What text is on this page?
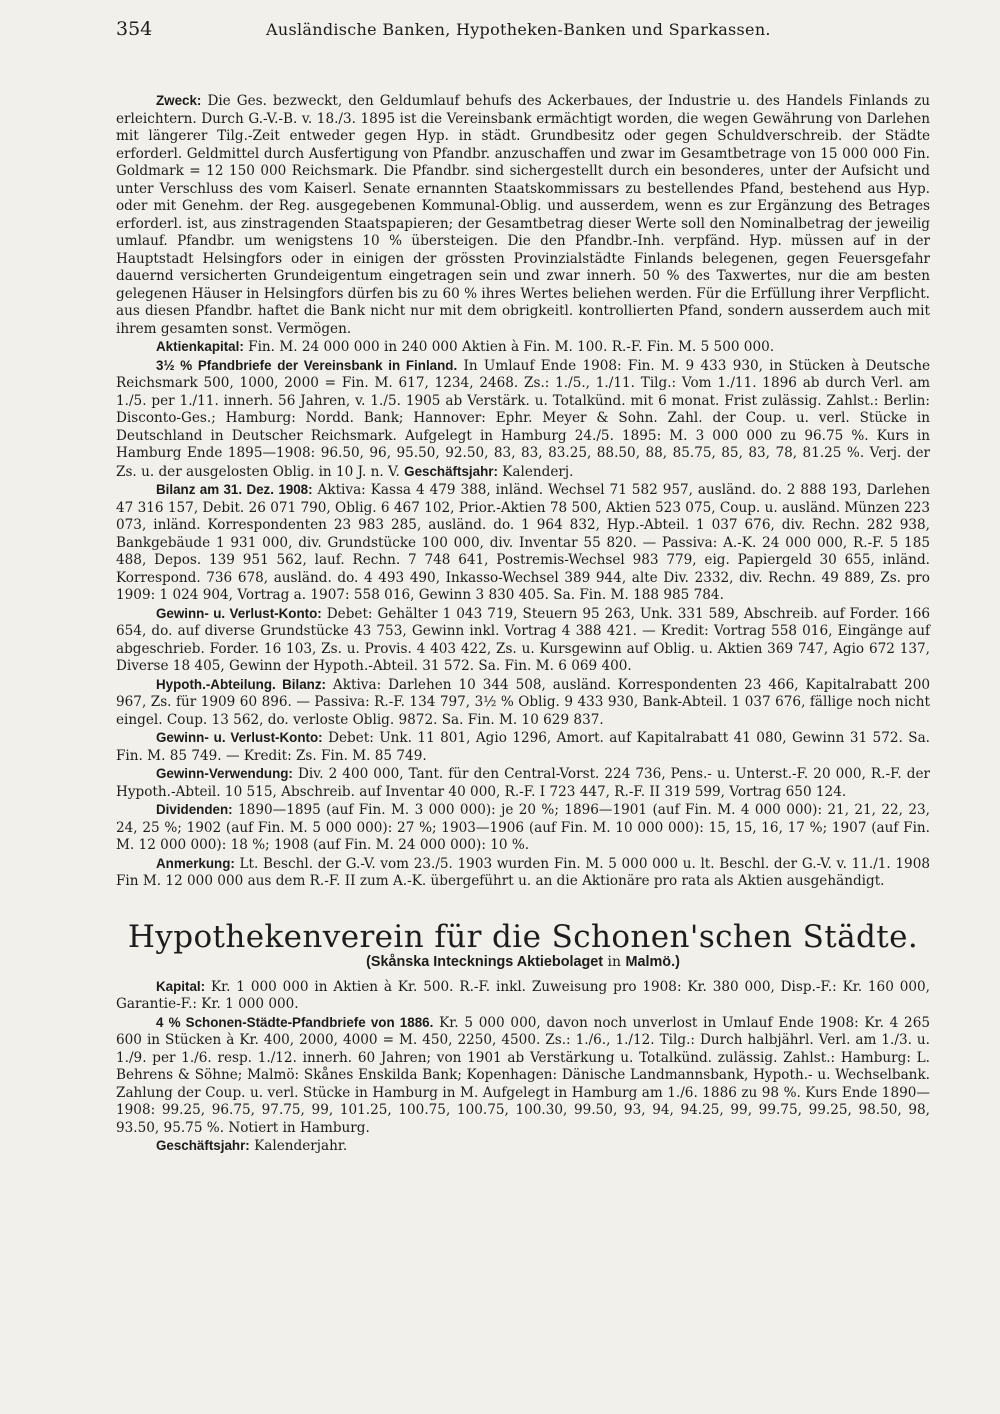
354	Ausländische Banken, Hypotheken-Banken und Sparkassen.

Zweck: Die Ges. bezweckt, den Geldumlauf behufs des Ackerbaues, der Industrie u. des Handels Finlands zu erleichtern. Durch G.-V.-B. v. 18./3. 1895 ist die Vereinsbank ermächtigt worden, die wegen Gewährung von Darlehen mit längerer Tilg.-Zeit entweder gegen Hyp. in städt. Grundbesitz oder gegen Schuldverschreib. der Städte erforderl. Geldmittel durch Ausfertigung von Pfandbr. anzuschaffen und zwar im Gesamtbetrage von 15 000 000 Fin. Goldmark = 12 150 000 Reichsmark. Die Pfandbr. sind sichergestellt durch ein besonderes, unter der Aufsicht und unter Verschluss des vom Kaiserl. Senate ernannten Staatskommissars zu bestellendes Pfand, bestehend aus Hyp. oder mit Genehm. der Reg. ausgegebenen Kommunal-Oblig. und ausserdem, wenn es zur Ergänzung des Betrages erforderl. ist, aus zinstragenden Staatspapieren; der Gesamtbetrag dieser Werte soll den Nominalbetrag der jeweilig umlauf. Pfandbr. um wenigstens 10 % übersteigen. Die den Pfandbr.-Inh. verpfänd. Hyp. müssen auf in der Hauptstadt Helsingfors oder in einigen der grössten Provinzialstädte Finlands belegenen, gegen Feuersgefahr dauernd versicherten Grundeigentum eingetragen sein und zwar innerh. 50 % des Taxwertes, nur die am besten gelegenen Häuser in Helsingfors dürfen bis zu 60 % ihres Wertes beliehen werden. Für die Erfüllung ihrer Verpflicht. aus diesen Pfandbr. haftet die Bank nicht nur mit dem obrigkeitl. kontrollierten Pfand, sondern ausserdem auch mit ihrem gesamten sonst. Vermögen.

Aktienkapital: Fin. M. 24 000 000 in 240 000 Aktien à Fin. M. 100. R.-F. Fin. M. 5 500 000.

3½ % Pfandbriefe der Vereinsbank in Finland. In Umlauf Ende 1908: Fin. M. 9 433 930, in Stücken à Deutsche Reichsmark 500, 1000, 2000 = Fin. M. 617, 1234, 2468. Zs.: 1./5., 1./11. Tilg.: Vom 1./11. 1896 ab durch Verl. am 1./5. per 1./11. innerh. 56 Jahren, v. 1./5. 1905 ab Verstärk. u. Totalkünd. mit 6 monat. Frist zulässig. Zahlst.: Berlin: Disconto-Ges.; Hamburg: Nordd. Bank; Hannover: Ephr. Meyer & Sohn. Zahl. der Coup. u. verl. Stücke in Deutschland in Deutscher Reichsmark. Aufgelegt in Hamburg 24./5. 1895: M. 3 000 000 zu 96.75 %. Kurs in Hamburg Ende 1895—1908: 96.50, 96, 95.50, 92.50, 83, 83, 83.25, 88.50, 88, 85.75, 85, 83, 78, 81.25 %. Verj. der Zs. u. der ausgelosten Oblig. in 10 J. n. V. Geschäftsjahr: Kalenderj.

Bilanz am 31. Dez. 1908: Aktiva: Kassa 4 479 388, inländ. Wechsel 71 582 957, ausländ. do. 2 888 193, Darlehen 47 316 157, Debit. 26 071 790, Oblig. 6 467 102, Prior.-Aktien 78 500, Aktien 523 075, Coup. u. ausländ. Münzen 223 073, inländ. Korrespondenten 23 983 285, ausländ. do. 1 964 832, Hyp.-Abteil. 1 037 676, div. Rechn. 282 938, Bankgebäude 1 931 000, div. Grundstücke 100 000, div. Inventar 55 820. — Passiva: A.-K. 24 000 000, R.-F. 5 185 488, Depos. 139 951 562, lauf. Rechn. 7 748 641, Postremis-Wechsel 983 779, eig. Papiergeld 30 655, inländ. Korrespond. 736 678, ausländ. do. 4 493 490, Inkasso-Wechsel 389 944, alte Div. 2332, div. Rechn. 49 889, Zs. pro 1909: 1 024 904, Vortrag a. 1907: 558 016, Gewinn 3 830 405. Sa. Fin. M. 188 985 784.

Gewinn- u. Verlust-Konto: Debet: Gehälter 1 043 719, Steuern 95 263, Unk. 331 589, Abschreib. auf Forder. 166 654, do. auf diverse Grundstücke 43 753, Gewinn inkl. Vortrag 4 388 421. — Kredit: Vortrag 558 016, Eingänge auf abgeschrieb. Forder. 16 103, Zs. u. Provis. 4 403 422, Zs. u. Kursgewinn auf Oblig. u. Aktien 369 747, Agio 672 137, Diverse 18 405, Gewinn der Hypoth.-Abteil. 31 572. Sa. Fin. M. 6 069 400.

Hypoth.-Abteilung. Bilanz: Aktiva: Darlehen 10 344 508, ausländ. Korrespondenten 23 466, Kapitalrabatt 200 967, Zs. für 1909 60 896. — Passiva: R.-F. 134 797, 3½ % Oblig. 9 433 930, Bank-Abteil. 1 037 676, fällige noch nicht eingel. Coup. 13 562, do. verloste Oblig. 9872. Sa. Fin. M. 10 629 837.

Gewinn- u. Verlust-Konto: Debet: Unk. 11 801, Agio 1296, Amort. auf Kapitalrabatt 41 080, Gewinn 31 572. Sa. Fin. M. 85 749. — Kredit: Zs. Fin. M. 85 749.

Gewinn-Verwendung: Div. 2 400 000, Tant. für den Central-Vorst. 224 736, Pens.- u. Unterst.-F. 20 000, R.-F. der Hypoth.-Abteil. 10 515, Abschreib. auf Inventar 40 000, R.-F. I 723 447, R.-F. II 319 599, Vortrag 650 124.

Dividenden: 1890—1895 (auf Fin. M. 3 000 000): je 20 %; 1896—1901 (auf Fin. M. 4 000 000): 21, 21, 22, 23, 24, 25 %; 1902 (auf Fin. M. 5 000 000): 27 %; 1903—1906 (auf Fin. M. 10 000 000): 15, 15, 16, 17 %; 1907 (auf Fin. M. 12 000 000): 18 %; 1908 (auf Fin. M. 24 000 000): 10 %.

Anmerkung: Lt. Beschl. der G.-V. vom 23./5. 1903 wurden Fin. M. 5 000 000 u. lt. Beschl. der G.-V. v. 11./1. 1908 Fin M. 12 000 000 aus dem R.-F. II zum A.-K. übergeführt u. an die Aktionäre pro rata als Aktien ausgehändigt.

Hypothekenverein für die Schonen'schen Städte.
(Skånska Intecknings Aktiebolaget in Malmö.)

Kapital: Kr. 1 000 000 in Aktien à Kr. 500. R.-F. inkl. Zuweisung pro 1908: Kr. 380 000, Disp.-F.: Kr. 160 000, Garantie-F.: Kr. 1 000 000.

4 % Schonen-Städte-Pfandbriefe von 1886. Kr. 5 000 000, davon noch unverlost in Umlauf Ende 1908: Kr. 4 265 600 in Stücken à Kr. 400, 2000, 4000 = M. 450, 2250, 4500. Zs.: 1./6., 1./12. Tilg.: Durch halbjährl. Verl. am 1./3. u. 1./9. per 1./6. resp. 1./12. innerh. 60 Jahren; von 1901 ab Verstärkung u. Totalkünd. zulässig. Zahlst.: Hamburg: L. Behrens & Söhne; Malmö: Skånes Enskilda Bank; Kopenhagen: Dänische Landmannsbank, Hypoth.- u. Wechselbank. Zahlung der Coup. u. verl. Stücke in Hamburg in M. Aufgelegt in Hamburg am 1./6. 1886 zu 98 %. Kurs Ende 1890—1908: 99.25, 96.75, 97.75, 99, 101.25, 100.75, 100.75, 100.30, 99.50, 93, 94, 94.25, 99, 99.75, 99.25, 98.50, 98, 93.50, 95.75 %. Notiert in Hamburg.

Geschäftsjahr: Kalenderjahr.
